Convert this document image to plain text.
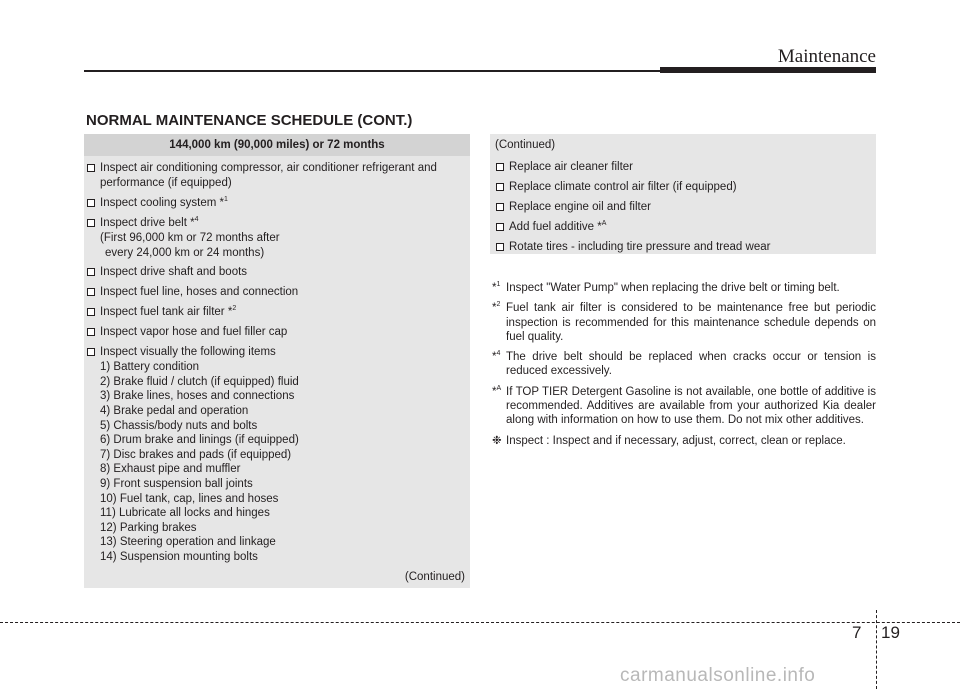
Maintenance
NORMAL MAINTENANCE SCHEDULE (CONT.)
144,000 km (90,000 miles) or 72 months
Inspect air conditioning compressor, air conditioner refrigerant and
performance (if equipped)
Inspect cooling system *$^1$
Inspect drive belt *$^4$
(First 96,000 km or 72 months after
every 24,000 km or 24 months)
Inspect drive shaft and boots
Inspect fuel line, hoses and connection
Inspect fuel tank air filter *$^2$
Inspect vapor hose and fuel filler cap
Inspect visually the following items
1) Battery condition
2) Brake fluid / clutch (if equipped) fluid
3) Brake lines, hoses and connections
4) Brake pedal and operation
5) Chassis/body nuts and bolts
6) Drum brake and linings (if equipped)
7) Disc brakes and pads (if equipped)
8) Exhaust pipe and muffler
9) Front suspension ball joints
10) Fuel tank, cap, lines and hoses
11) Lubricate all locks and hinges
12) Parking brakes
13) Steering operation and linkage
14) Suspension mounting bolts
(Continued)
(Continued)
Replace air cleaner filter
Replace climate control air filter (if equipped)
Replace engine oil and filter
Add fuel additive *$^A$
Rotate tires - including tire pressure and tread wear
*$^1$ Inspect "Water Pump" when replacing the drive belt or timing belt.
*$^2$ Fuel tank air filter is considered to be maintenance free but periodic inspection is recommended for this maintenance schedule depends on fuel quality.
*$^4$ The drive belt should be replaced when cracks occur or tension is reduced excessively.
*$^A$ If TOP TIER Detergent Gasoline is not available, one bottle of additive is recommended. Additives are available from your authorized Kia dealer along with information on how to use them. Do not mix other additives.
❉ Inspect : Inspect and if necessary, adjust, correct, clean or replace.
7 19
carmanualsonline.info
